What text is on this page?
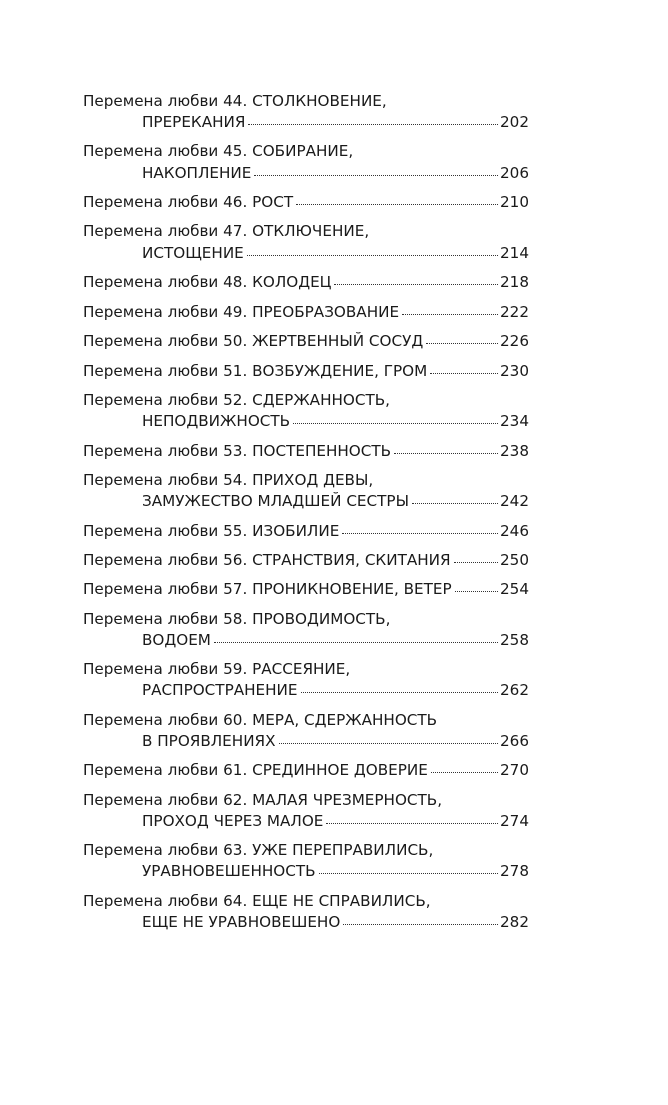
Перемена любви 44. СТОЛКНОВЕНИЕ,
ПРЕРЕКАНИЯ	202
Перемена любви 45. СОБИРАНИЕ,
НАКОПЛЕНИЕ	206
Перемена любви 46. РОСТ	210
Перемена любви 47. ОТКЛЮЧЕНИЕ,
ИСТОЩЕНИЕ	214
Перемена любви 48. КОЛОДЕЦ	218
Перемена любви 49. ПРЕОБРАЗОВАНИЕ	222
Перемена любви 50. ЖЕРТВЕННЫЙ СОСУД	226
Перемена любви 51. ВОЗБУЖДЕНИЕ, ГРОМ	230
Перемена любви 52. СДЕРЖАННОСТЬ,
НЕПОДВИЖНОСТЬ	234
Перемена любви 53. ПОСТЕПЕННОСТЬ	238
Перемена любви 54. ПРИХОД ДЕВЫ,
ЗАМУЖЕСТВО МЛАДШЕЙ СЕСТРЫ	242
Перемена любви 55. ИЗОБИЛИЕ	246
Перемена любви 56. СТРАНСТВИЯ, СКИТАНИЯ	250
Перемена любви 57. ПРОНИКНОВЕНИЕ, ВЕТЕР	254
Перемена любви 58. ПРОВОДИМОСТЬ,
ВОДОЕМ	258
Перемена любви 59. РАССЕЯНИЕ,
РАСПРОСТРАНЕНИЕ	262
Перемена любви 60. МЕРА, СДЕРЖАННОСТЬ
В ПРОЯВЛЕНИЯХ	266
Перемена любви 61. СРЕДИННОЕ ДОВЕРИЕ	270
Перемена любви 62. МАЛАЯ ЧРЕЗМЕРНОСТЬ,
ПРОХОД ЧЕРЕЗ МАЛОЕ	274
Перемена любви 63. УЖЕ ПЕРЕПРАВИЛИСЬ,
УРАВНОВЕШЕННОСТЬ	278
Перемена любви 64. ЕЩЕ НЕ СПРАВИЛИСЬ,
ЕЩЕ НЕ УРАВНОВЕШЕНО	282
